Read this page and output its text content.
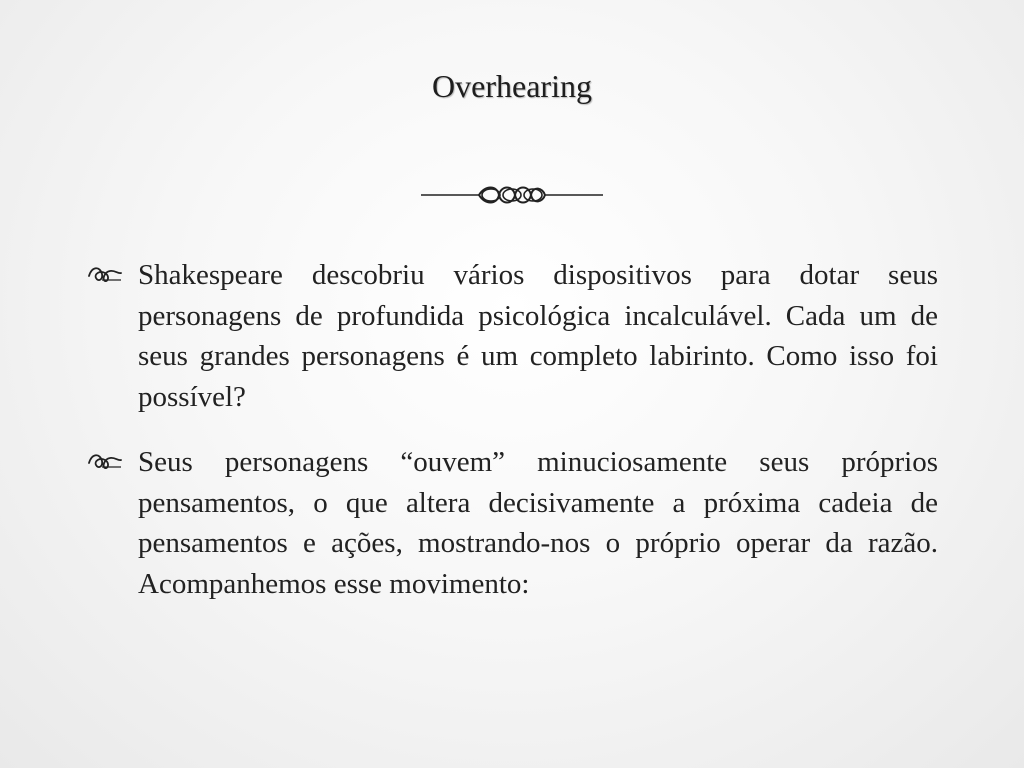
Overhearing
Shakespeare descobriu vários dispositivos para dotar seus personagens de profundida psicológica incalculável. Cada um de seus grandes personagens é um completo labirinto. Como isso foi possível?
Seus personagens “ouvem” minuciosamente seus próprios pensamentos, o que altera decisivamente a próxima cadeia de pensamentos e ações, mostrando-nos o próprio operar da razão. Acompanhemos esse movimento:
